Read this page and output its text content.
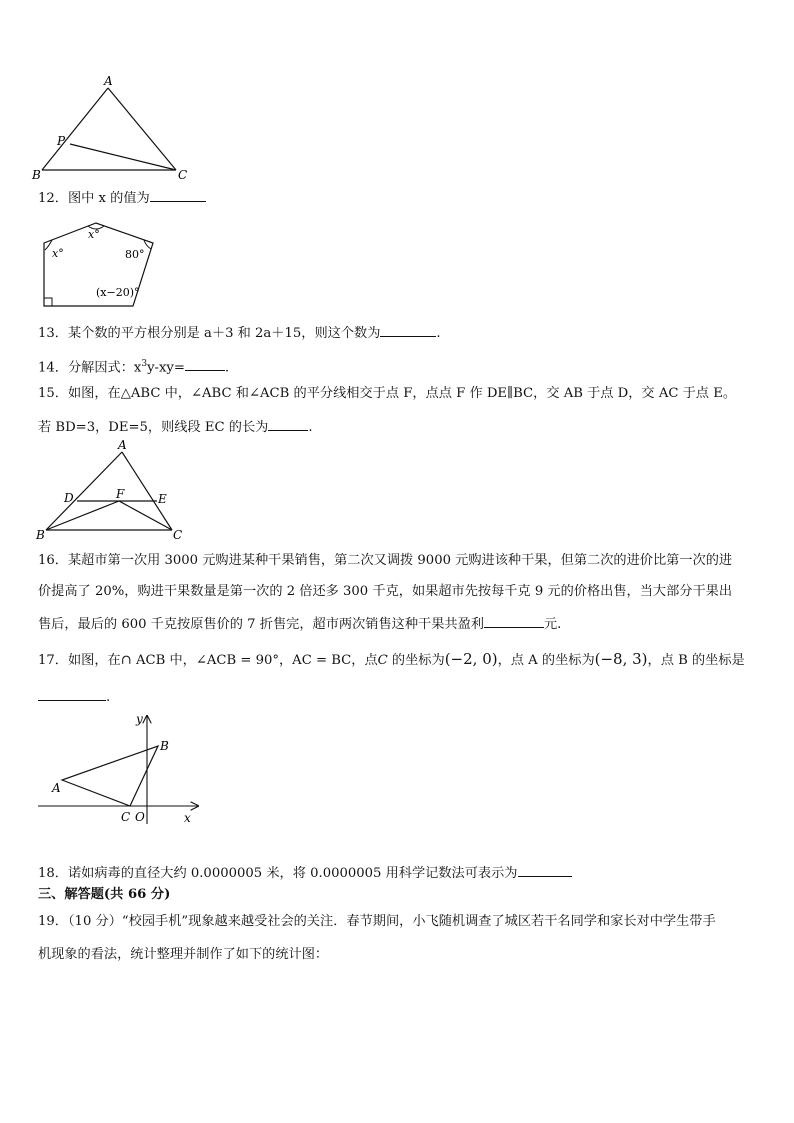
A
B	C
P
12．图中 x 的值为
x°
x°	80°
(x−20)°
13．某个数的平方根分别是 a＋3 和 2a＋15，则这个数为	.
14．分解因式：$x^3y-xy=$	.
15．如图，在△ABC 中，∠ABC 和∠ACB 的平分线相交于点 F，点点 F 作 DE∥BC，交 AB 于点 D，交 AC 于点 E。
若 BD=3，DE=5，则线段 EC 的长为	.
A
B	C
D	E
F
16．某超市第一次用 3000 元购进某种干果销售，第二次又调拨 9000 元购进该种干果，但第二次的进价比第一次的进
价提高了 20%，购进干果数量是第一次的 2 倍还多 300 千克，如果超市先按每千克 9 元的价格出售，当大部分干果出
售后，最后的 600 千克按原售价的 7 折售完，超市两次销售这种干果共盈利	元.
17．如图，在∩ ACB 中，∠ACB = 90°，AC = BC，点C 的坐标为(−2, 0)，点 A 的坐标为(−8, 3)，点 B 的坐标是
.
y
x
A
B
C O
18．诺如病毒的直径大约 0.0000005 米，将 0.0000005 用科学记数法可表示为
三、解答题(共 66 分)
19．（10 分）“校园手机”现象越来越受社会的关注．春节期间，小飞随机调查了城区若干名同学和家长对中学生带手
机现象的看法，统计整理并制作了如下的统计图：
